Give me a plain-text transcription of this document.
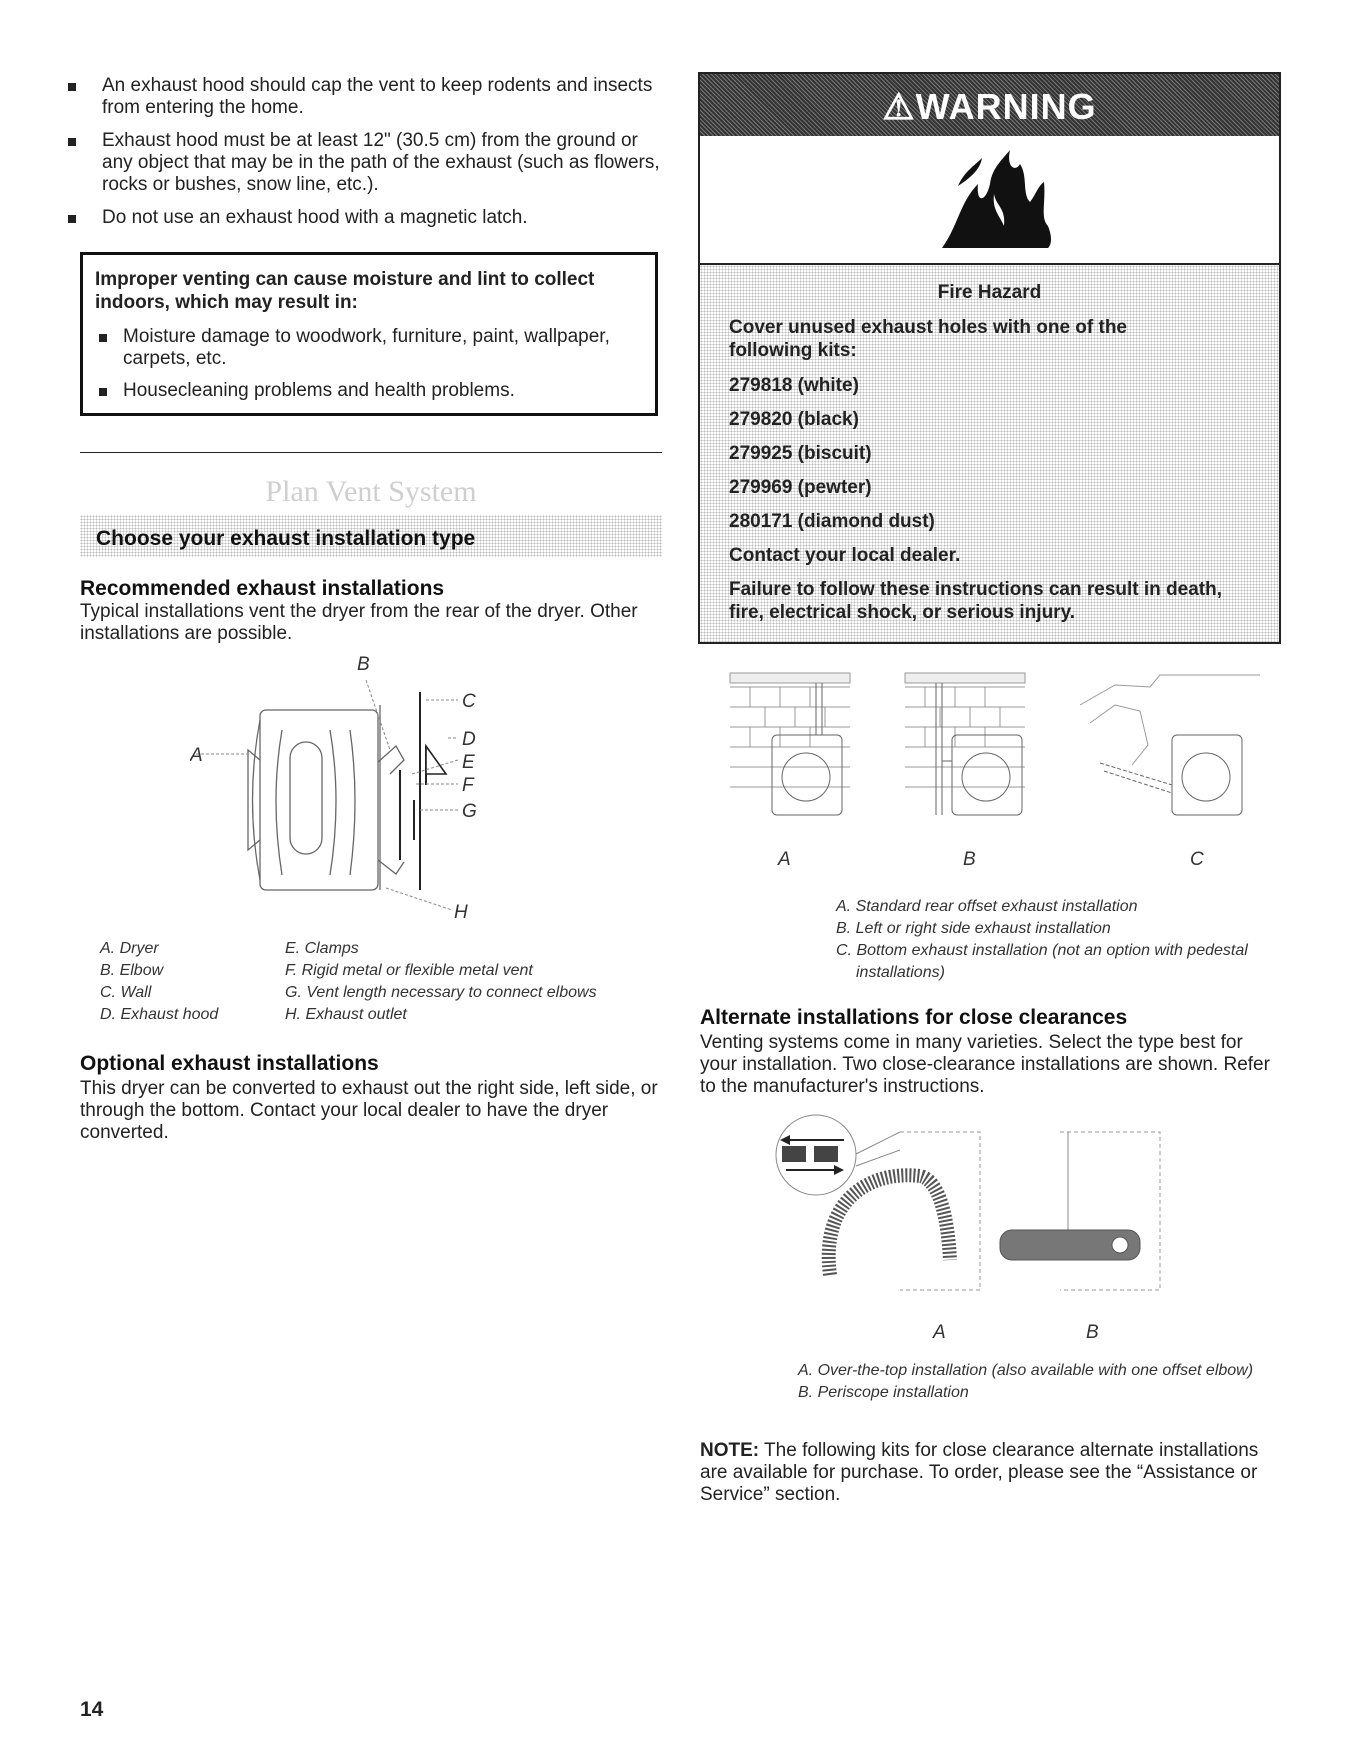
An exhaust hood should cap the vent to keep rodents and insects from entering the home.
Exhaust hood must be at least 12" (30.5 cm) from the ground or any object that may be in the path of the exhaust (such as flowers, rocks or bushes, snow line, etc.).
Do not use an exhaust hood with a magnetic latch.

Improper venting can cause moisture and lint to collect indoors, which may result in:

Moisture damage to woodwork, furniture, paint, wallpaper, carpets, etc.
Housecleaning problems and health problems.
Plan Vent System
Choose your exhaust installation type
Recommended exhaust installations

Typical installations vent the dryer from the rear of the dryer. Other installations are possible.

A
B
C
D
E
F
G
H
A. Dryer
B. Elbow
C. Wall
D. Exhaust hood
E. Clamps
F. Rigid metal or flexible metal vent
G. Vent length necessary to connect elbows
H. Exhaust outlet
Optional exhaust installations

This dryer can be converted to exhaust out the right side, left side, or through the bottom. Contact your local dealer to have the dryer converted.

⚠WARNING
Fire Hazard

Cover unused exhaust holes with one of the following kits:

279818 (white)

279820 (black)

279925 (biscuit)

279969 (pewter)

280171 (diamond dust)

Contact your local dealer.

Failure to follow these instructions can result in death, fire, electrical shock, or serious injury.

A	B	C
A. Standard rear offset exhaust installation
B. Left or right side exhaust installation
C. Bottom exhaust installation (not an option with pedestal installations)
Alternate installations for close clearances

Venting systems come in many varieties. Select the type best for your installation. Two close-clearance installations are shown. Refer to the manufacturer's instructions.

A	B
A. Over-the-top installation (also available with one offset elbow)
B. Periscope installation

NOTE: The following kits for close clearance alternate installations are available for purchase. To order, please see the “Assistance or Service” section.

14
